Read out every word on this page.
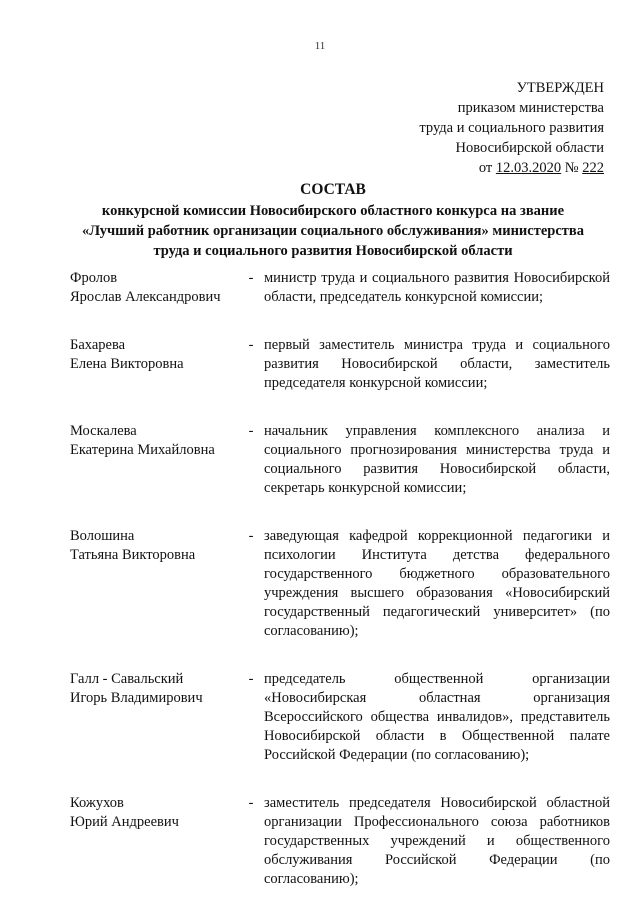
11
УТВЕРЖДЕН
приказом министерства
труда и социального развития
Новосибирской области
от 12.03.2020 № 222
СОСТАВ
конкурсной комиссии Новосибирского областного конкурса на звание
«Лучший работник организации социального обслуживания» министерства
труда и социального развития Новосибирской области
Фролов
Ярослав Александрович
- министр труда и социального развития Новосибирской области, председатель конкурсной комиссии;
Бахарева
Елена Викторовна
- первый заместитель министра труда и социального развития Новосибирской области, заместитель председателя конкурсной комиссии;
Москалева
Екатерина Михайловна
- начальник управления комплексного анализа и социального прогнозирования министерства труда и социального развития Новосибирской области, секретарь конкурсной комиссии;
Волошина
Татьяна Викторовна
- заведующая кафедрой коррекционной педагогики и психологии Института детства федерального государственного бюджетного образовательного учреждения высшего образования «Новосибирский государственный педагогический университет» (по согласованию);
Галл - Савальский
Игорь Владимирович
- председатель общественной организации «Новосибирская областная организация Всероссийского общества инвалидов», представитель Новосибирской области в Общественной палате Российской Федерации (по согласованию);
Кожухов
Юрий Андреевич
- заместитель председателя Новосибирской областной организации Профессионального союза работников государственных учреждений и общественного обслуживания Российской Федерации (по согласованию);
